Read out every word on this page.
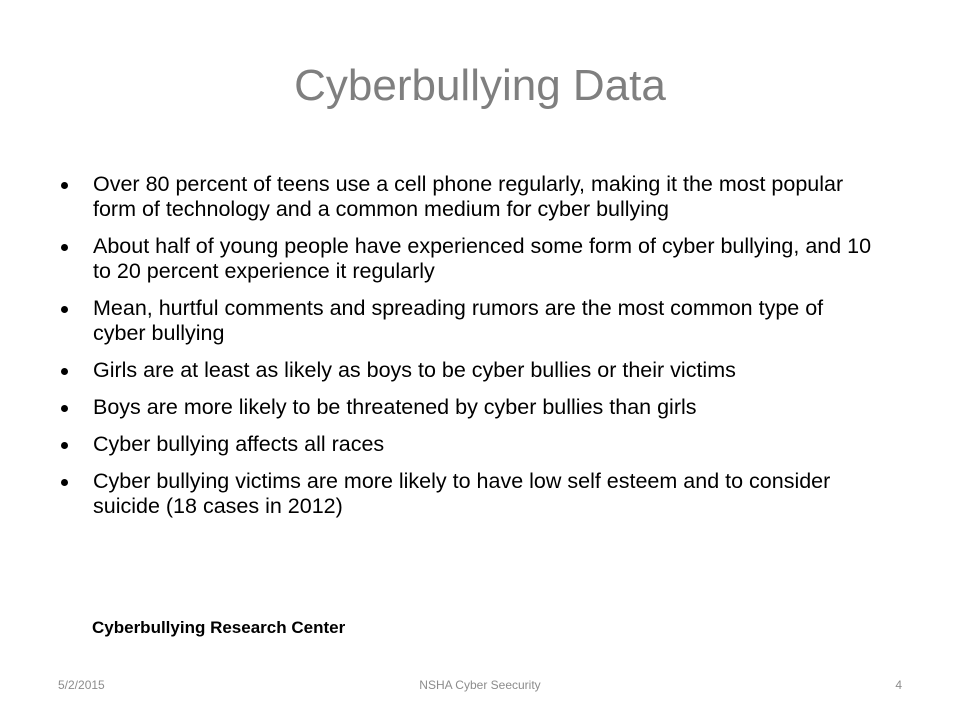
Cyberbullying Data
Over 80 percent of teens use a cell phone regularly, making it the most popular form of technology and a common medium for cyber bullying
About half of young people have experienced some form of cyber bullying, and 10 to 20 percent experience it regularly
Mean, hurtful comments and spreading rumors are the most common type of cyber bullying
Girls are at least as likely as boys to be cyber bullies or their victims
Boys are more likely to be threatened by cyber bullies than girls
Cyber bullying affects all races
Cyber bullying victims are more likely to have low self esteem and to consider suicide (18 cases in 2012)
Cyberbullying Research Center
5/2/2015	NSHA Cyber Seecurity	4
